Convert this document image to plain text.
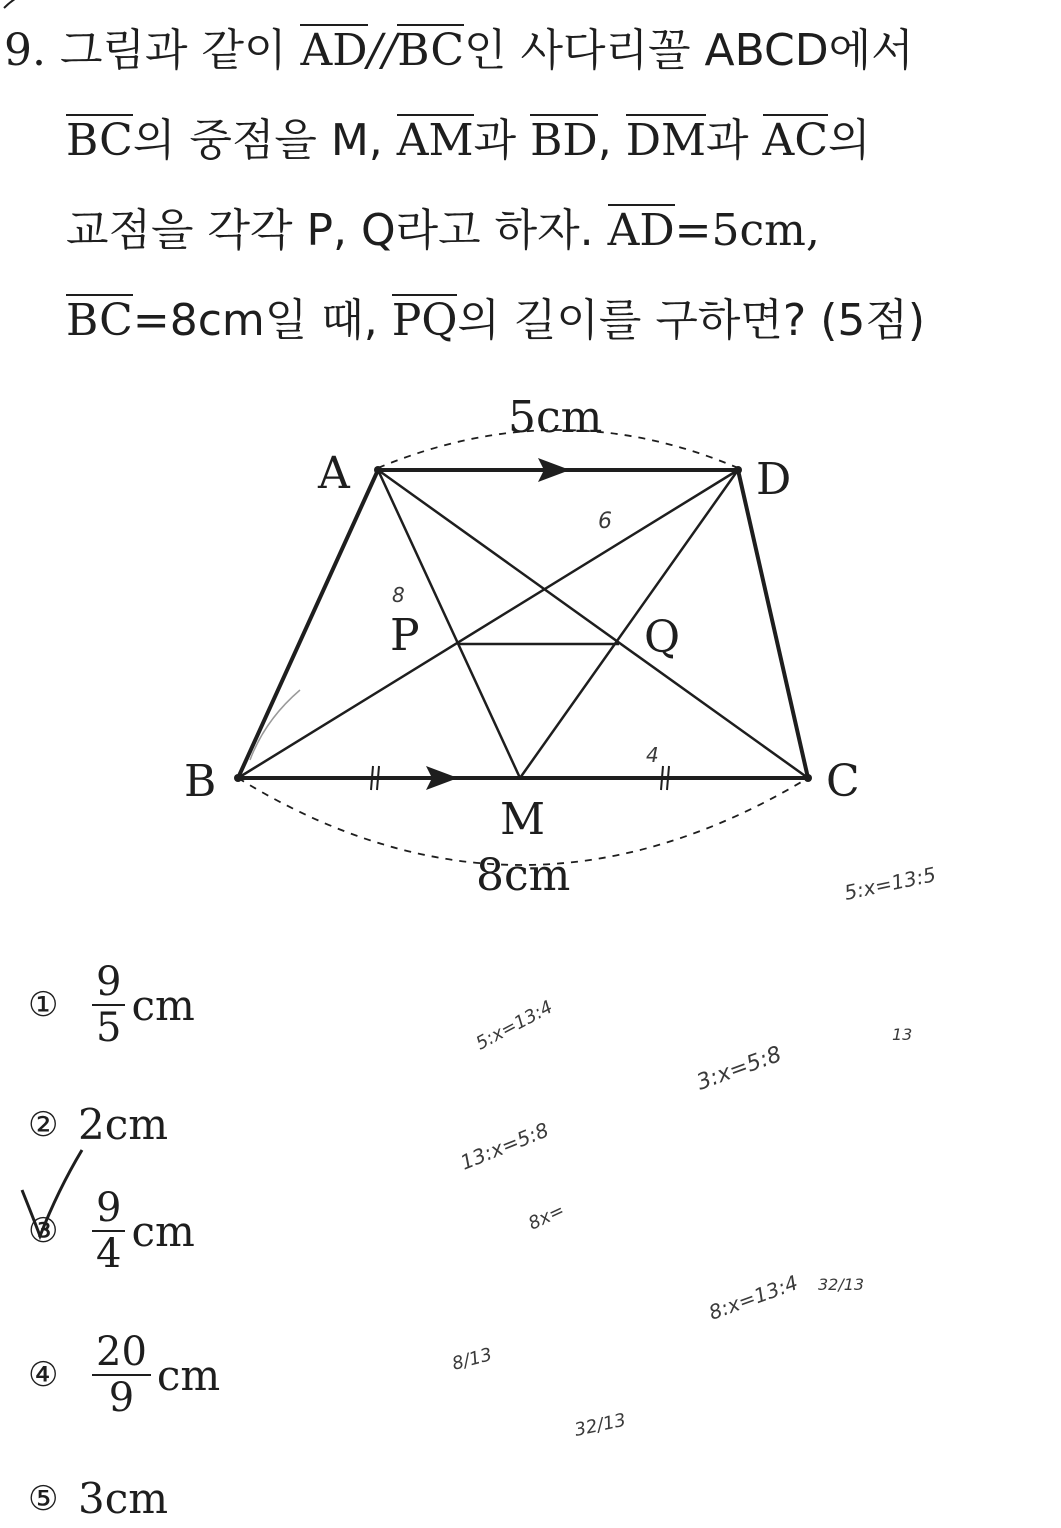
9. 그림과 같이 AD//BC인 사다리꼴 ABCD에서
BC의 중점을 M, AM과 BD, DM과 AC의
교점을 각각 P, Q라고 하자. AD=5cm,
BC=8cm일 때, PQ의 길이를 구하면? (5점)
A	D
B	C
M
P	Q
5cm
8cm
6
8
4
① $\frac{9}{5}$ cm
② 2cm
③ $\frac{9}{4}$ cm
④ $\frac{20}{9}$ cm
⑤ 3cm
5:x=13:5
5:x=13:4
3:x=5:8
13:x=5:8
8x=
13
8:x=13:4 32/13
8/13
32/13
